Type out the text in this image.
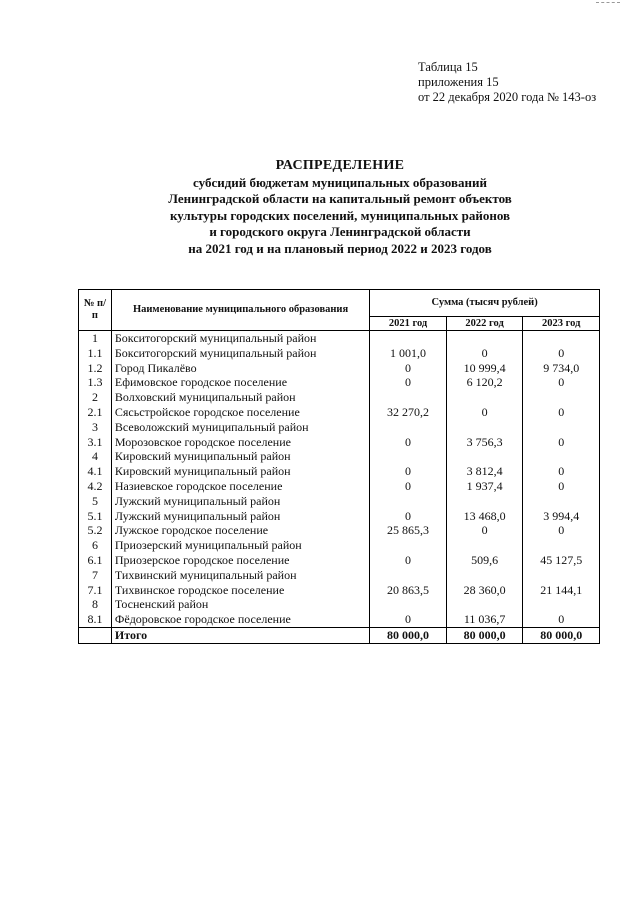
Таблица 15
приложения 15
от 22 декабря 2020 года № 143-оз
РАСПРЕДЕЛЕНИЕ
субсидий бюджетам муниципальных образований
Ленинградской области на капитальный ремонт объектов
культуры городских поселений, муниципальных районов
и городского округа Ленинградской области
на 2021 год и на плановый период 2022 и 2023 годов
№ п/п	Наименование муниципального образования	Сумма (тысяч рублей)		
		2021 год	2022 год	2023 год
1	Бокситогорский муниципальный район			
1.1	Бокситогорский муниципальный район	1 001,0	0	0
1.2	Город Пикалёво	0	10 999,4	9 734,0
1.3	Ефимовское городское поселение	0	6 120,2	0
2	Волховский муниципальный район			
2.1	Сясьстройское городское поселение	32 270,2	0	0
3	Всеволожский муниципальный район			
3.1	Морозовское городское поселение	0	3 756,3	0
4	Кировский муниципальный район			
4.1	Кировский муниципальный район	0	3 812,4	0
4.2	Назиевское городское поселение	0	1 937,4	0
5	Лужский муниципальный район			
5.1	Лужский муниципальный район	0	13 468,0	3 994,4
5.2	Лужское городское поселение	25 865,3	0	0
6	Приозерский муниципальный район			
6.1	Приозерское городское поселение	0	509,6	45 127,5
7	Тихвинский муниципальный район			
7.1	Тихвинское городское поселение	20 863,5	28 360,0	21 144,1
8	Тосненский район			
8.1	Фёдоровское городское поселение	0	11 036,7	0
	Итого	80 000,0	80 000,0	80 000,0
